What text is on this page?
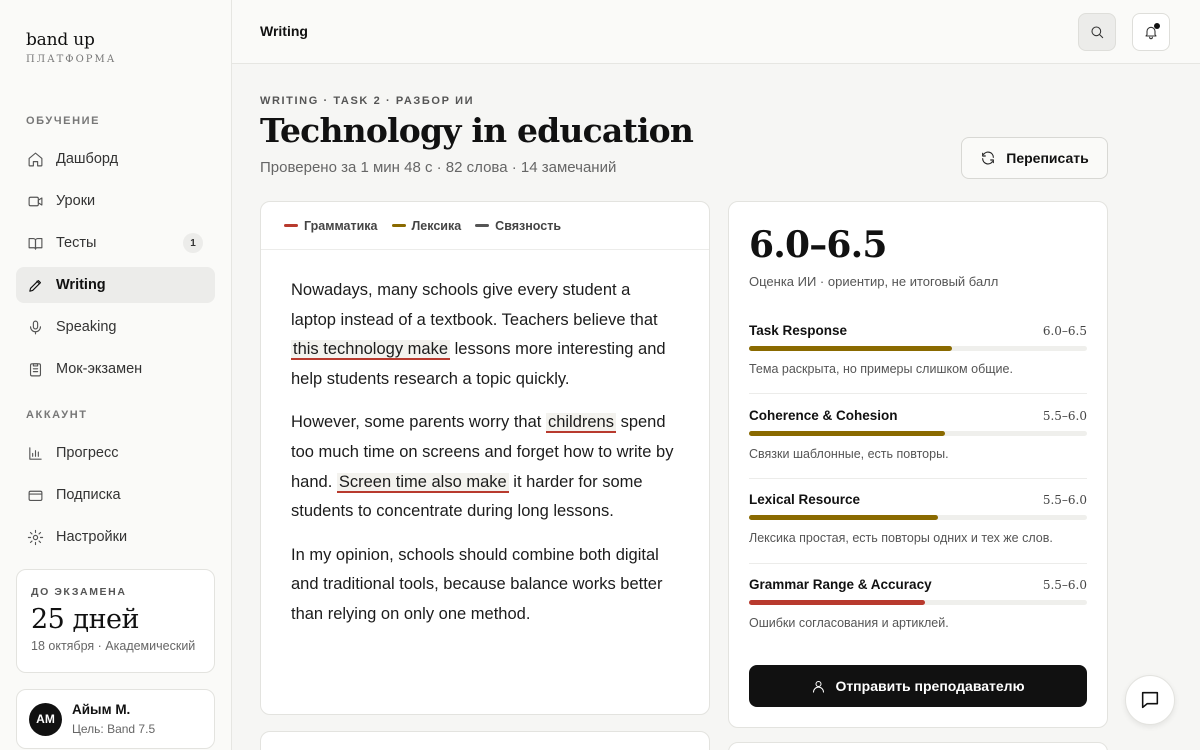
band up
ПЛАТФОРМА
ОБУЧЕНИЕ
Дашборд
Уроки
Тесты	1
Writing
Speaking
Мок-экзамен
АККАУНТ
Прогресс
Подписка
Настройки
ДО ЭКЗАМЕНА
25 дней
18 октября · Академический
АМ
Айым М.
Цель: Band 7.5
Writing
WRITING · TASK 2 · РАЗБОР ИИ
Technology in education
Проверено за 1 мин 48 с · 82 слова · 14 замечаний
Переписать
Грамматика	Лексика	Связность

Nowadays, many schools give every student a laptop instead of a textbook. Teachers believe that this technology make lessons more interesting and help students research a topic quickly.

However, some parents worry that childrens spend too much time on screens and forget how to write by hand. Screen time also make it harder for some students to concentrate during long lessons.

In my opinion, schools should combine both digital and traditional tools, because balance works better than relying on only one method.

6.0–6.5
Оценка ИИ · ориентир, не итоговый балл
Task Response	6.0–6.5
Тема раскрыта, но примеры слишком общие.
Coherence & Cohesion	5.5–6.0
Связки шаблонные, есть повторы.
Lexical Resource	5.5–6.0
Лексика простая, есть повторы одних и тех же слов.
Grammar Range & Accuracy	5.5–6.0
Ошибки согласования и артиклей.
Отправить преподавателю
